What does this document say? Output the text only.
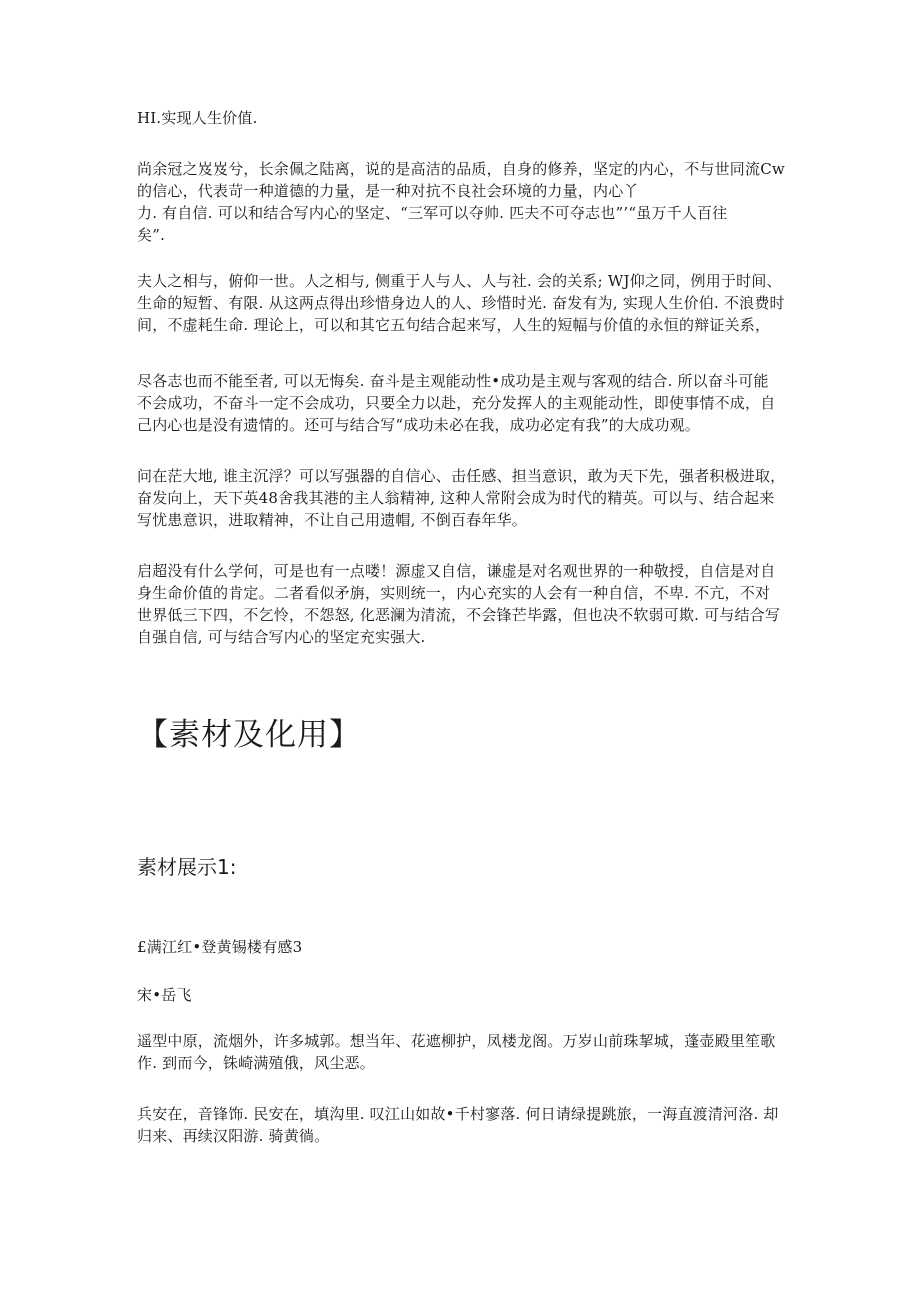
HI.实现人生价值.

尚余冠之岌岌兮，长余佩之陆离，说的是高洁的品质，自身的修养，坚定的内心，不与世同流Cw
的信心，代表苛一种道德的力量，是一种对抗不良社会环境的力量，内心丫
力. 有自信. 可以和结合写内心的坚定、“三军可以夺帅. 匹夫不可夺志也”’“虽万千人百往
矣”.

夫人之相与，俯仰一世。人之相与, 侧重于人与人、人与社. 会的关系; WJ仰之同，例用于时间、
生命的短暂、有限. 从这两点得出珍惜身边人的人、珍惜时光. 奋发有为, 实现人生价伯. 不浪费时
间，不虚耗生命. 理论上，可以和其它五句结合起来写，人生的短幅与价值的永恒的辩证关系，

尽各志也而不能至者, 可以无悔矣. 奋斗是主观能动性•成功是主观与客观的结合. 所以奋斗可能
不会成功，不奋斗一定不会成功，只要全力以赴，充分发挥人的主观能动性，即使事情不成，自
己内心也是没有遗情的。还可与结合写“成功未必在我，成功必定有我”的大成功观。

问在茫大地, 谁主沉浮？可以写强器的自信心、击任感、担当意识，敢为天下先，强者积极进取，
奋发向上，天下英48舍我其港的主人翁精神, 这种人常附会成为时代的精英。可以与、结合起来
写忧患意识，进取精神，不让自己用遗帽, 不倒百春年华。

启超没有什么学何，可是也有一点喽！源虚又自信，谦虚是对名观世界的一种敬授，自信是对自
身生命价值的肯定。二者看似矛旃，实则统一，内心充实的人会有一种自信，不卑. 不亢，不对
世界低三下四，不乞怜，不怨怒, 化恶澜为清流，不会锋芒毕露，但也决不软弱可欺. 可与结合写
自强自信, 可与结合写内心的坚定充实强大.

【素材及化用】
素材展示1:

£满江红•登黄锡楼有感3

宋•岳飞

遥型中原，流烟外，许多城郭。想当年、花遮柳护，凤楼龙阁。万岁山前珠挈城，蓬壶殿里笙歌
作. 到而今，铢崎满殖俄，风尘恶。

兵安在，音锋饰. 民安在，填沟里. 叹江山如故•千村寥落. 何日请绿提跳旅，一海直渡清河洛. 却
归来、再续汉阳游. 骑黄徜。
